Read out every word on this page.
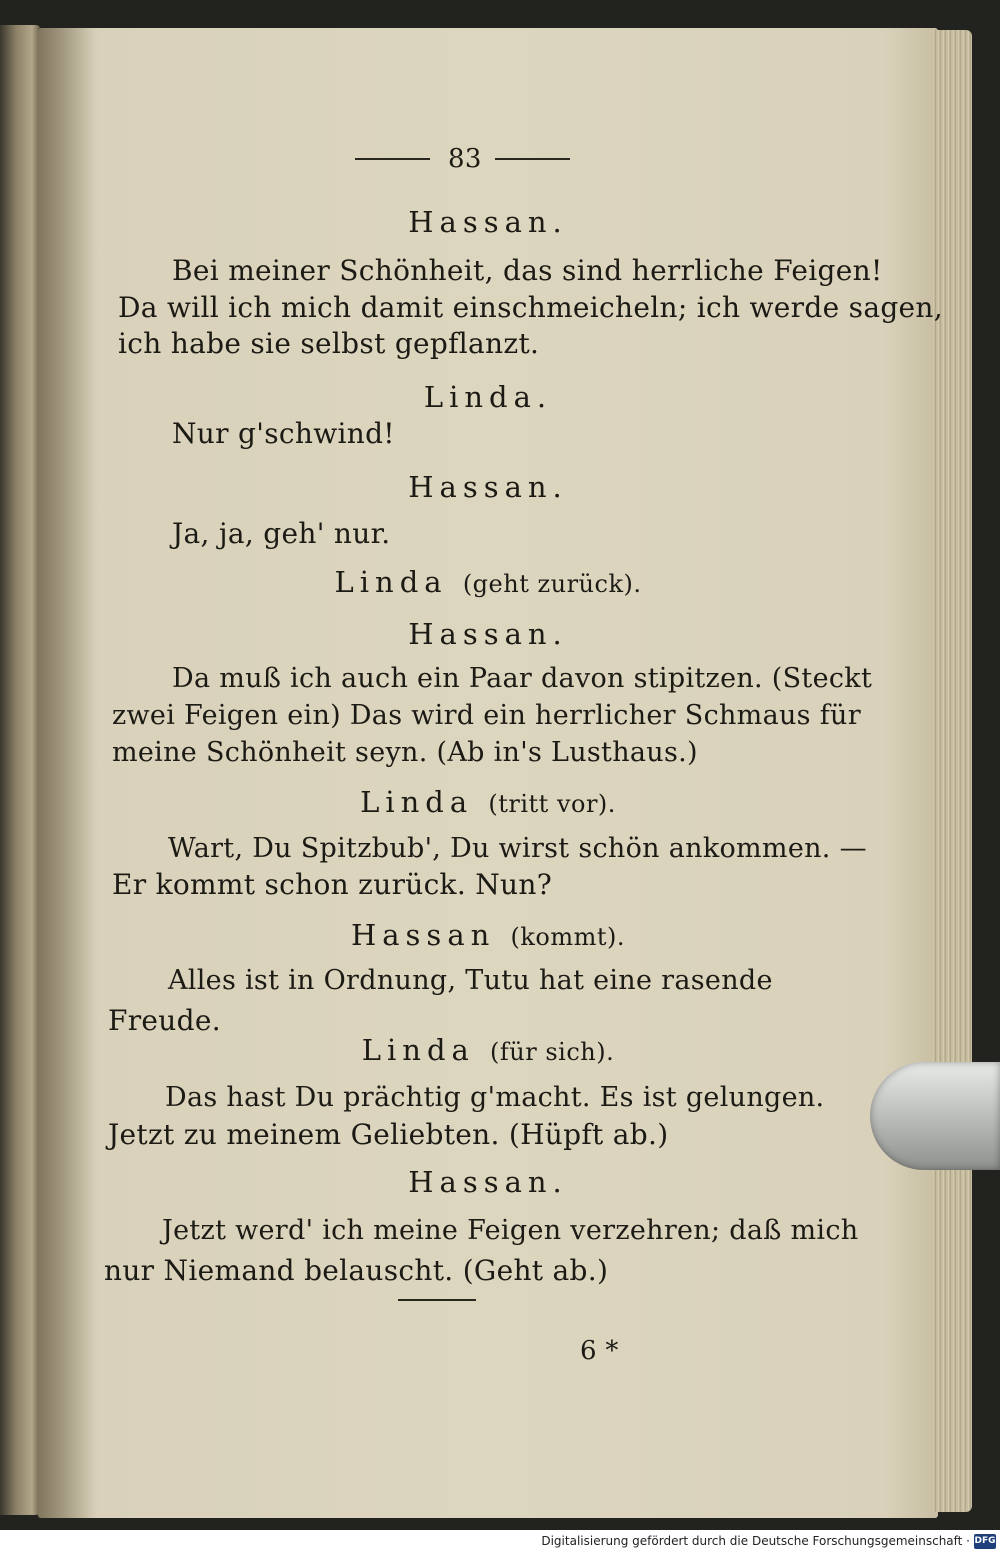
83
Hassan.
Bei meiner Schönheit, das sind herrliche Feigen!
Da will ich mich damit einschmeicheln; ich werde sagen,
ich habe sie selbst gepflanzt.
Linda.
Nur g'schwind!
Hassan.
Ja, ja, geh' nur.
Linda (geht zurück).
Hassan.
Da muß ich auch ein Paar davon stipitzen. (Steckt
zwei Feigen ein) Das wird ein herrlicher Schmaus für
meine Schönheit seyn. (Ab in's Lusthaus.)
Linda (tritt vor).
Wart, Du Spitzbub', Du wirst schön ankommen. —
Er kommt schon zurück. Nun?
Hassan (kommt).
Alles ist in Ordnung, Tutu hat eine rasende
Freude.
Linda (für sich).
Das hast Du prächtig g'macht. Es ist gelungen.
Jetzt zu meinem Geliebten. (Hüpft ab.)
Hassan.
Jetzt werd' ich meine Feigen verzehren; daß mich
nur Niemand belauscht. (Geht ab.)
6 *
Digitalisierung gefördert durch die Deutsche Forschungsgemeinschaft · DFG
